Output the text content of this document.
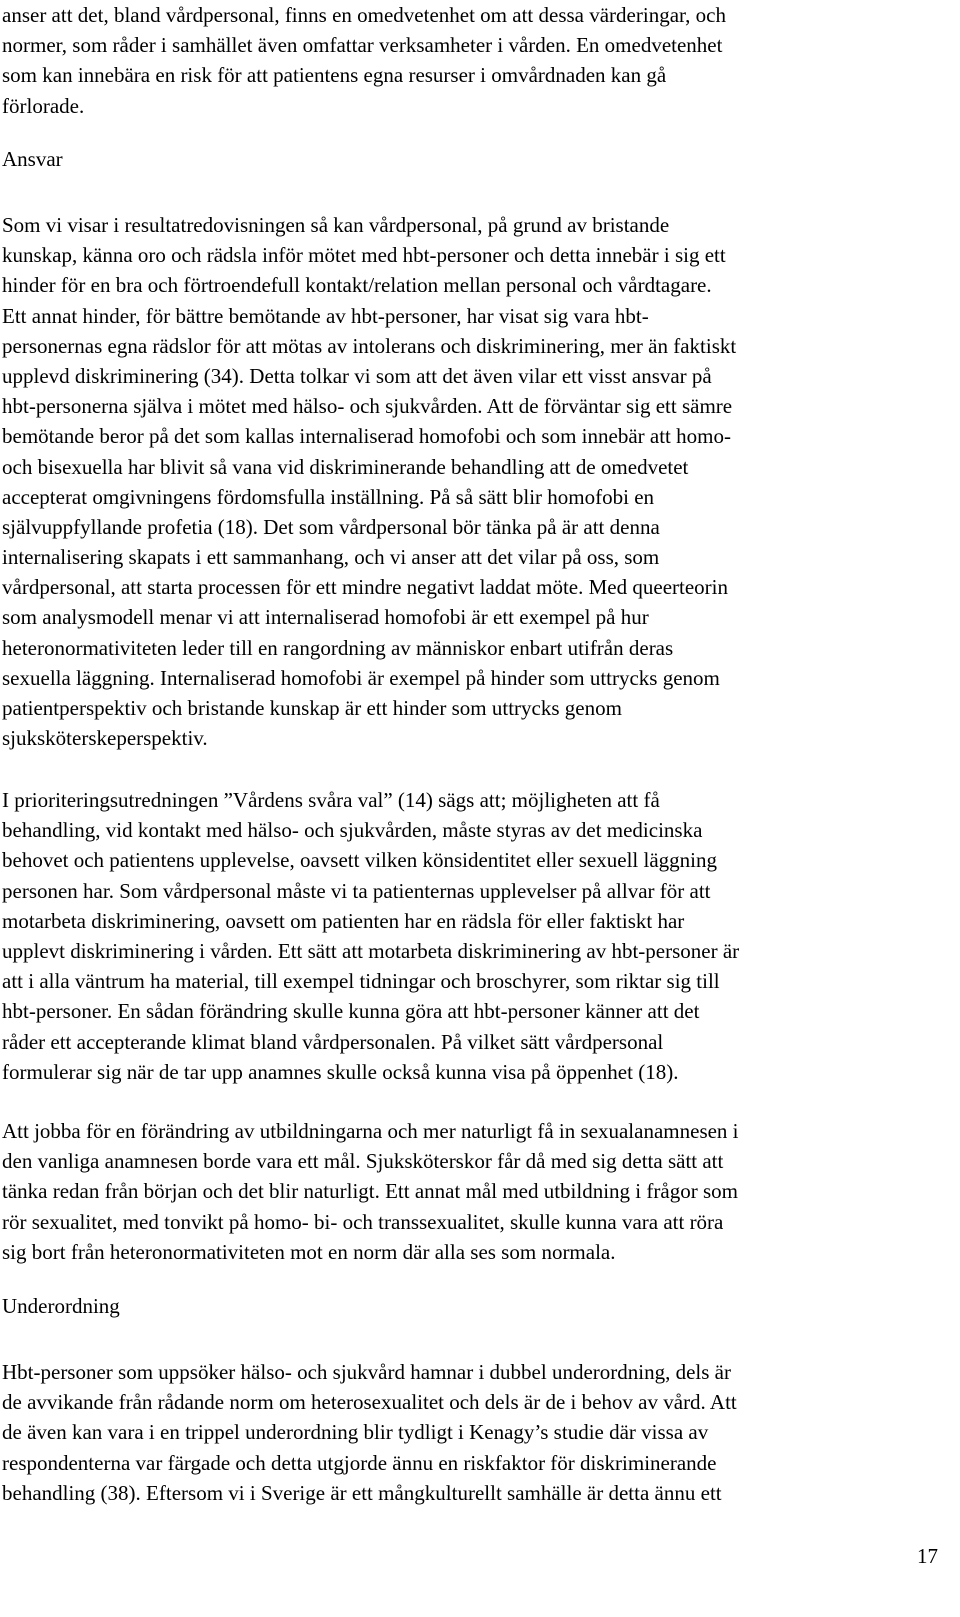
anser att det, bland vårdpersonal, finns en omedvetenhet om att dessa värderingar, och
normer, som råder i samhället även omfattar verksamheter i vården. En omedvetenhet
som kan innebära en risk för att patientens egna resurser i omvårdnaden kan gå
förlorade.

Ansvar

Som vi visar i resultatredovisningen så kan vårdpersonal, på grund av bristande
kunskap, känna oro och rädsla inför mötet med hbt-personer och detta innebär i sig ett
hinder för en bra och förtroendefull kontakt/relation mellan personal och vårdtagare.
Ett annat hinder, för bättre bemötande av hbt-personer, har visat sig vara hbt-
personernas egna rädslor för att mötas av intolerans och diskriminering, mer än faktiskt
upplevd diskriminering (34). Detta tolkar vi som att det även vilar ett visst ansvar på
hbt-personerna själva i mötet med hälso- och sjukvården. Att de förväntar sig ett sämre
bemötande beror på det som kallas internaliserad homofobi och som innebär att homo-
och bisexuella har blivit så vana vid diskriminerande behandling att de omedvetet
accepterat omgivningens fördomsfulla inställning. På så sätt blir homofobi en
självuppfyllande profetia (18). Det som vårdpersonal bör tänka på är att denna
internalisering skapats i ett sammanhang, och vi anser att det vilar på oss, som
vårdpersonal, att starta processen för ett mindre negativt laddat möte. Med queerteorin
som analysmodell menar vi att internaliserad homofobi är ett exempel på hur
heteronormativiteten leder till en rangordning av människor enbart utifrån deras
sexuella läggning. Internaliserad homofobi är exempel på hinder som uttrycks genom
patientperspektiv och bristande kunskap är ett hinder som uttrycks genom
sjuksköterskeperspektiv.

I prioriteringsutredningen ”Vårdens svåra val” (14) sägs att; möjligheten att få
behandling, vid kontakt med hälso- och sjukvården, måste styras av det medicinska
behovet och patientens upplevelse, oavsett vilken könsidentitet eller sexuell läggning
personen har. Som vårdpersonal måste vi ta patienternas upplevelser på allvar för att
motarbeta diskriminering, oavsett om patienten har en rädsla för eller faktiskt har
upplevt diskriminering i vården. Ett sätt att motarbeta diskriminering av hbt-personer är
att i alla väntrum ha material, till exempel tidningar och broschyrer, som riktar sig till
hbt-personer. En sådan förändring skulle kunna göra att hbt-personer känner att det
råder ett accepterande klimat bland vårdpersonalen. På vilket sätt vårdpersonal
formulerar sig när de tar upp anamnes skulle också kunna visa på öppenhet (18).

Att jobba för en förändring av utbildningarna och mer naturligt få in sexualanamnesen i
den vanliga anamnesen borde vara ett mål. Sjuksköterskor får då med sig detta sätt att
tänka redan från början och det blir naturligt. Ett annat mål med utbildning i frågor som
rör sexualitet, med tonvikt på homo- bi- och transsexualitet, skulle kunna vara att röra
sig bort från heteronormativiteten mot en norm där alla ses som normala.

Underordning

Hbt-personer som uppsöker hälso- och sjukvård hamnar i dubbel underordning, dels är
de avvikande från rådande norm om heterosexualitet och dels är de i behov av vård. Att
de även kan vara i en trippel underordning blir tydligt i Kenagy’s studie där vissa av
respondenterna var färgade och detta utgjorde ännu en riskfaktor för diskriminerande
behandling (38). Eftersom vi i Sverige är ett mångkulturellt samhälle är detta ännu ett

17
